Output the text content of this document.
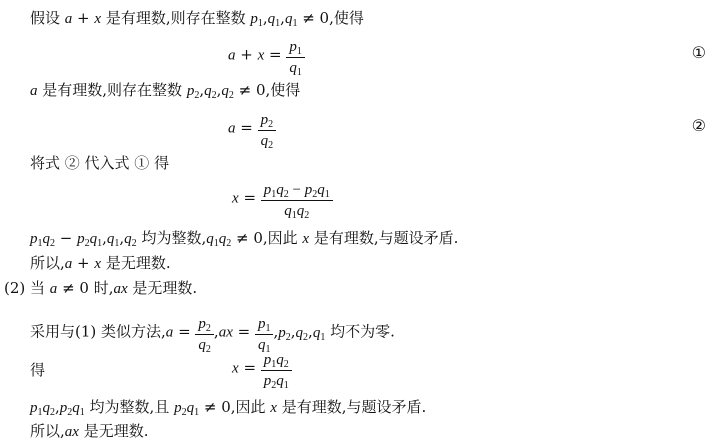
假设 a + x 是有理数,则存在整数 $p_1,q_1,q_1 \ne 0$,使得
$a + x = \frac{p_1}{q_1}$	①
a 是有理数,则存在整数 $p_2,q_2,q_2 \ne 0$,使得
$a = \frac{p_2}{q_2}$	②
将式 ② 代入式 ① 得
$x = \frac{p_1q_2 - p_2q_1}{q_1q_2}$
$p_1q_2 - p_2q_1,q_1,q_2$ 均为整数$,q_1q_2 \ne 0$,因此 x 是有理数,与题设矛盾.
所以,a + x 是无理数.
(2) 当 a ≠ 0 时,ax 是无理数.
采用与(1) 类似方法$,a = \frac{p_2}{q_2} ,ax = \frac{p_1}{q_1} ,p_2,q_2,q_1$ 均不为零.
得	$x = \frac{p_1q_2}{p_2q_1}$
$p_1q_2,p_2q_1$ 均为整数,且 $p_2q_1 \ne 0$,因此 x 是有理数,与题设矛盾.
所以,ax 是无理数.
